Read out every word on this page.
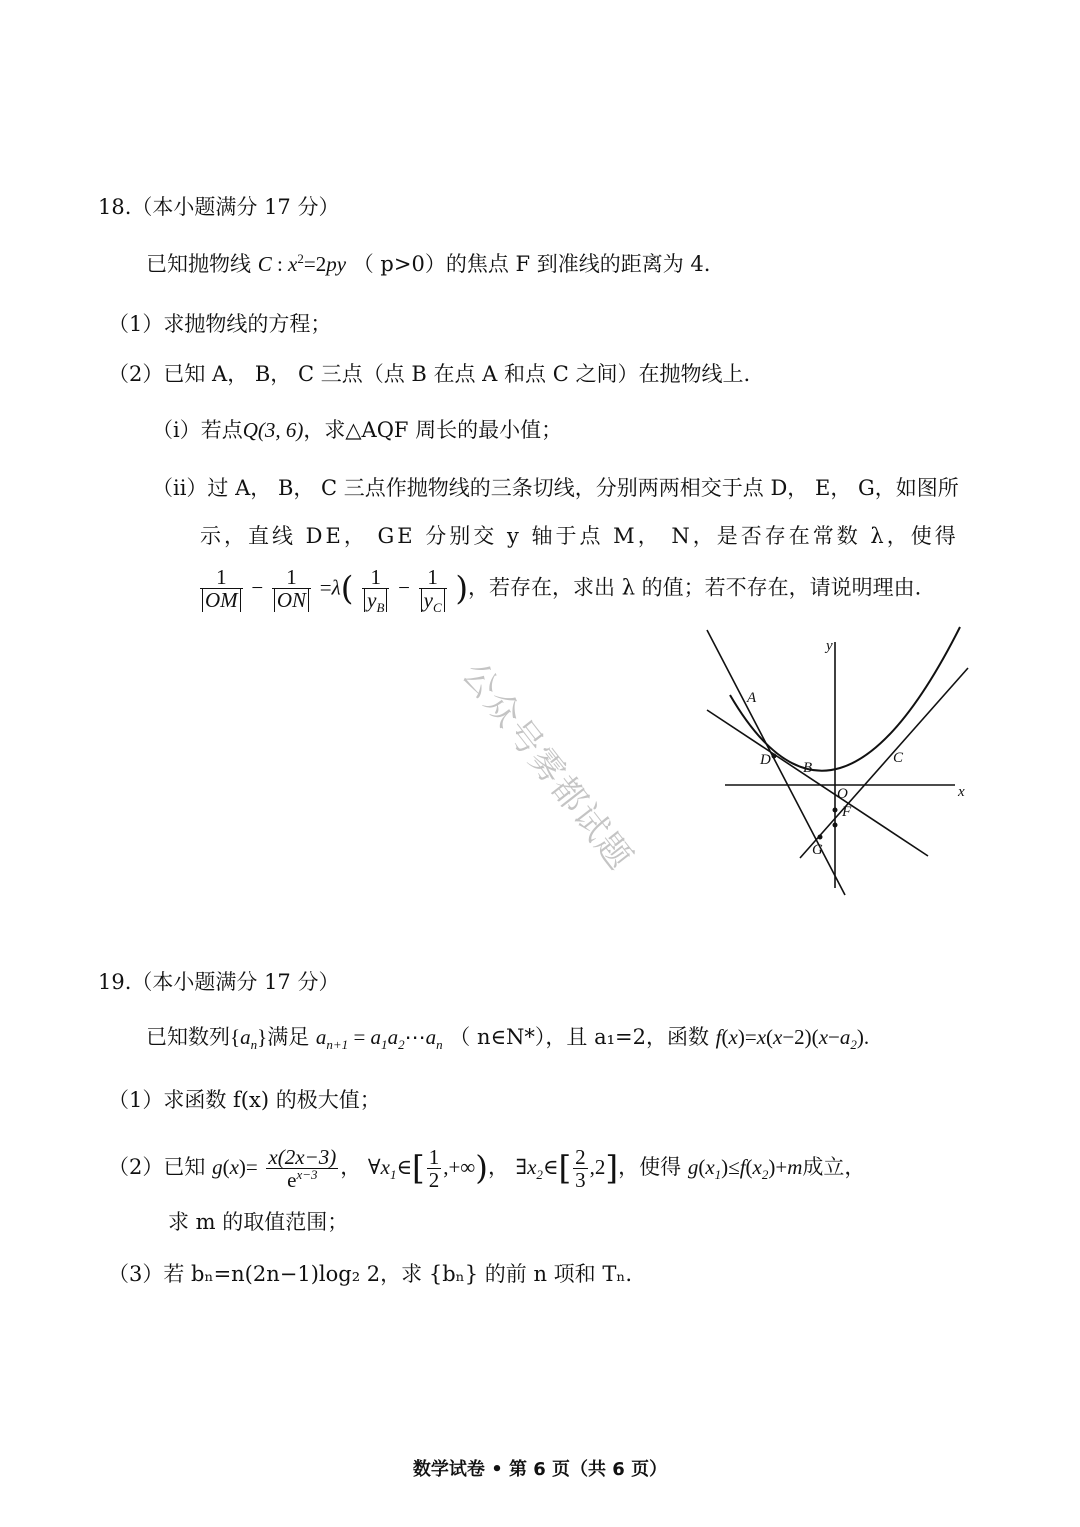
18.（本小题满分 17 分）
已知抛物线 C : $x^2=2py$ （ p>0）的焦点 F 到准线的距离为 4.
（1）求抛物线的方程；
（2）已知 A， B， C 三点（点 B 在点 A 和点 C 之间）在抛物线上.
（i）若点Q(3, 6)，求△AQF 周长的最小值；
（ii）过 A， B， C 三点作抛物线的三条切线，分别两两相交于点 D， E， G，如图所
示，直线 DE， GE 分别交 y 轴于点 M， N，是否存在常数 λ，使得
$\frac{1}{OM} - \frac{1}{ON} =\lambda( \frac{1}{y_B} - \frac{1}{y_C}$ )，若存在，求出 λ 的值；若不存在，请说明理由.
A
B
C
D
G
O
F
x
y
公众号雾都试题
19.（本小题满分 17 分）
已知数列$\{a_n\}$满足 $a_{n+1}$ = $a_1a_2\cdots a_n$ （ n∈N*），且 a₁=2，函数 $f(x)=x(x-2)(x-a_2)$.
（1）求函数 f(x) 的极大值；
（2）已知 $g(x)= \frac{x(2x-3)}{e^{x-3}}$ ， $\forall x_1\in[ \frac{1}{2}$ ,+∞)， $\exists x_2\in[ \frac{2}{3} ,2]$，使得 $g(x_1)\le f(x_2)+m$成立，
求 m 的取值范围；
（3）若 bₙ=n(2n−1)log₂ 2，求 {bₙ} 的前 n 项和 Tₙ.
数学试卷 • 第 6 页（共 6 页）
